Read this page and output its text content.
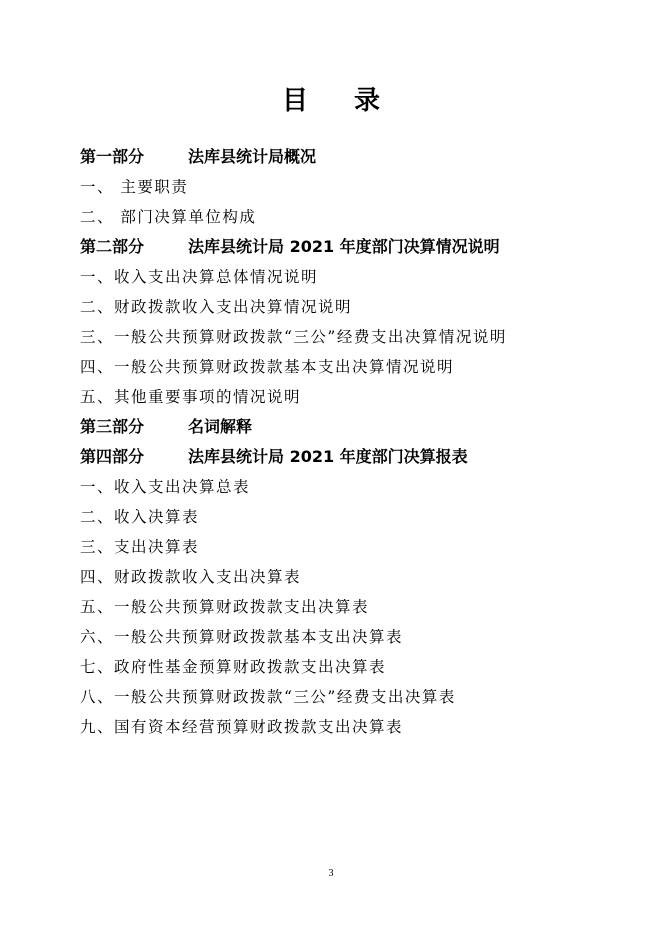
目 录
第一部分	法库县统计局概况
一、 主要职责
二、 部门决算单位构成
第二部分	法库县统计局 2021 年度部门决算情况说明
一、收入支出决算总体情况说明
二、财政拨款收入支出决算情况说明
三、一般公共预算财政拨款“三公”经费支出决算情况说明
四、一般公共预算财政拨款基本支出决算情况说明
五、其他重要事项的情况说明
第三部分	名词解释
第四部分	法库县统计局 2021 年度部门决算报表
一、收入支出决算总表
二、收入决算表
三、支出决算表
四、财政拨款收入支出决算表
五、一般公共预算财政拨款支出决算表
六、一般公共预算财政拨款基本支出决算表
七、政府性基金预算财政拨款支出决算表
八、一般公共预算财政拨款“三公”经费支出决算表
九、国有资本经营预算财政拨款支出决算表
3
